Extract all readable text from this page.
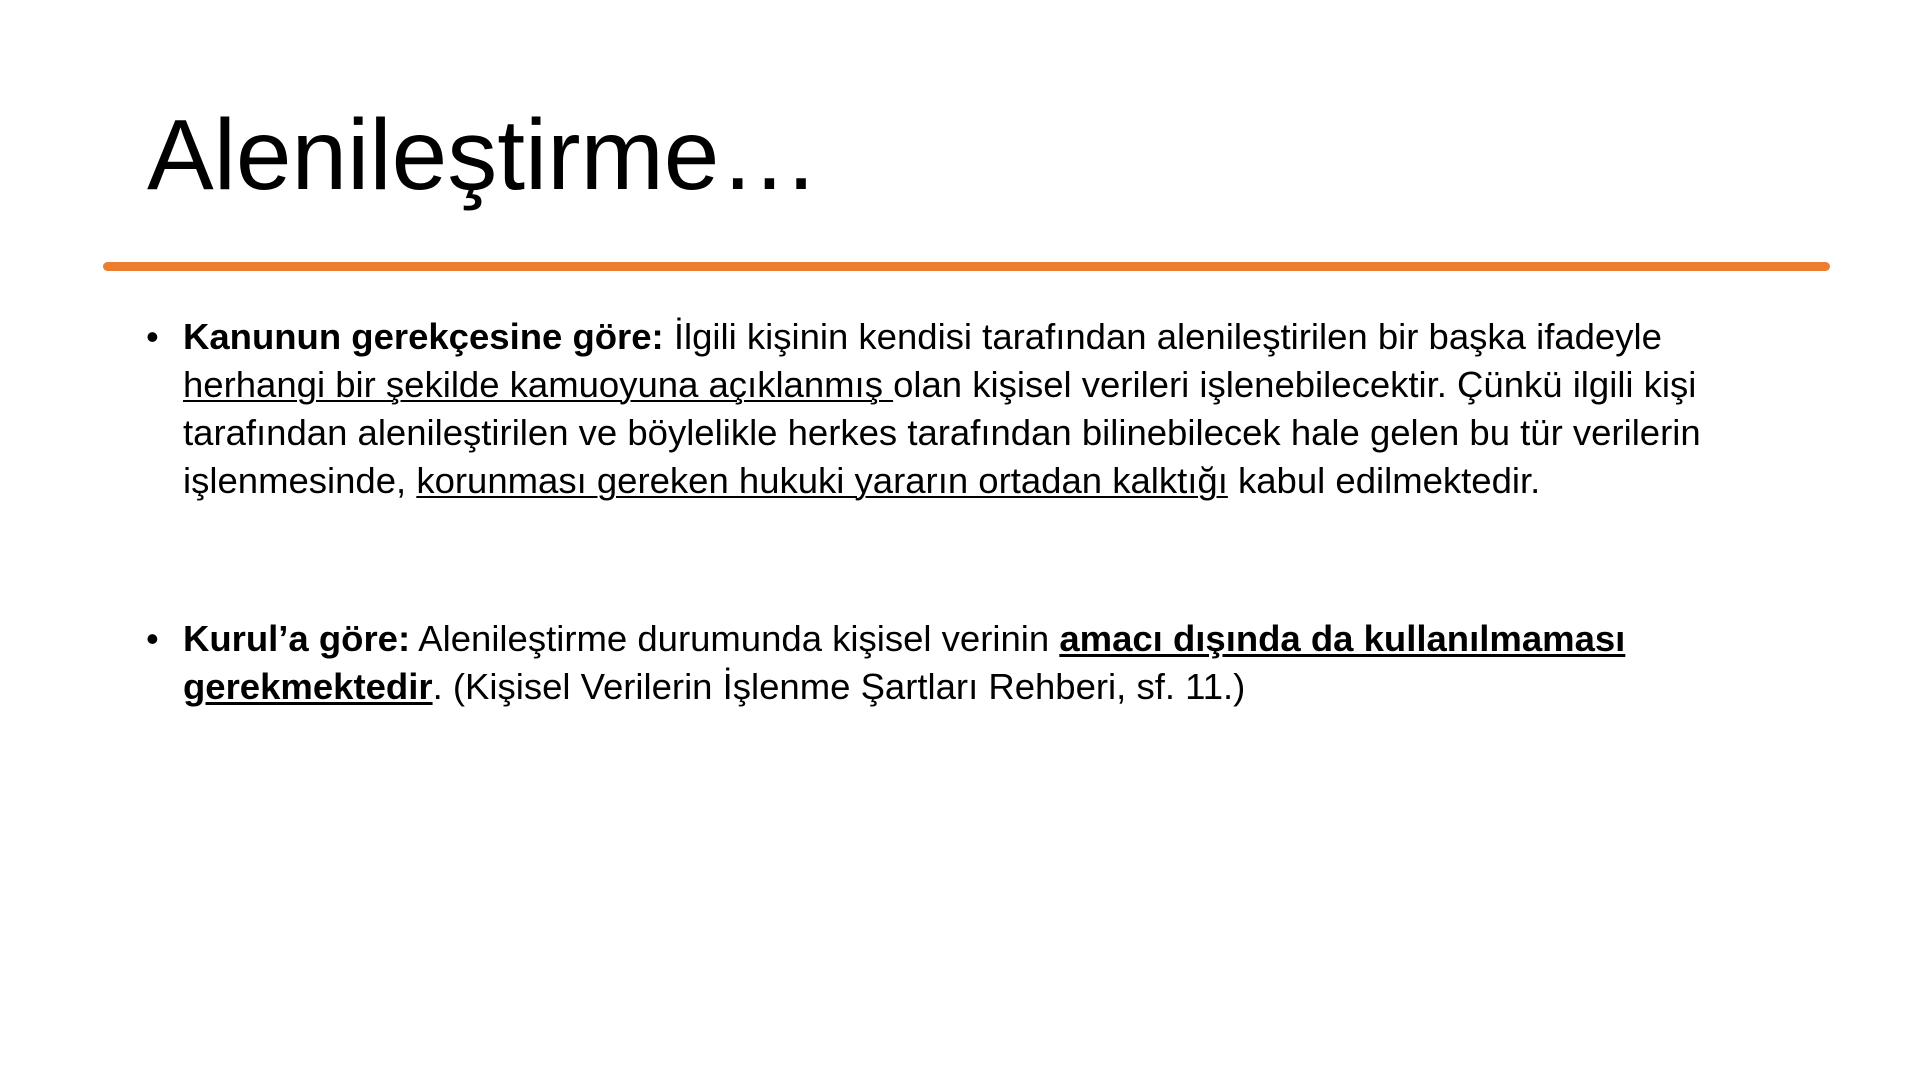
Alenileştirme…
• Kanunun gerekçesine göre: İlgili kişinin kendisi tarafından alenileştirilen bir başka ifadeyle herhangi bir şekilde kamuoyuna açıklanmış olan kişisel verileri işlenebilecektir. Çünkü ilgili kişi tarafından alenileştirilen ve böylelikle herkes tarafından bilinebilecek hale gelen bu tür verilerin işlenmesinde, korunması gereken hukuki yararın ortadan kalktığı kabul edilmektedir.
• Kurul’a göre: Alenileştirme durumunda kişisel verinin amacı dışında da kullanılmaması gerekmektedir. (Kişisel Verilerin İşlenme Şartları Rehberi, sf. 11.)
